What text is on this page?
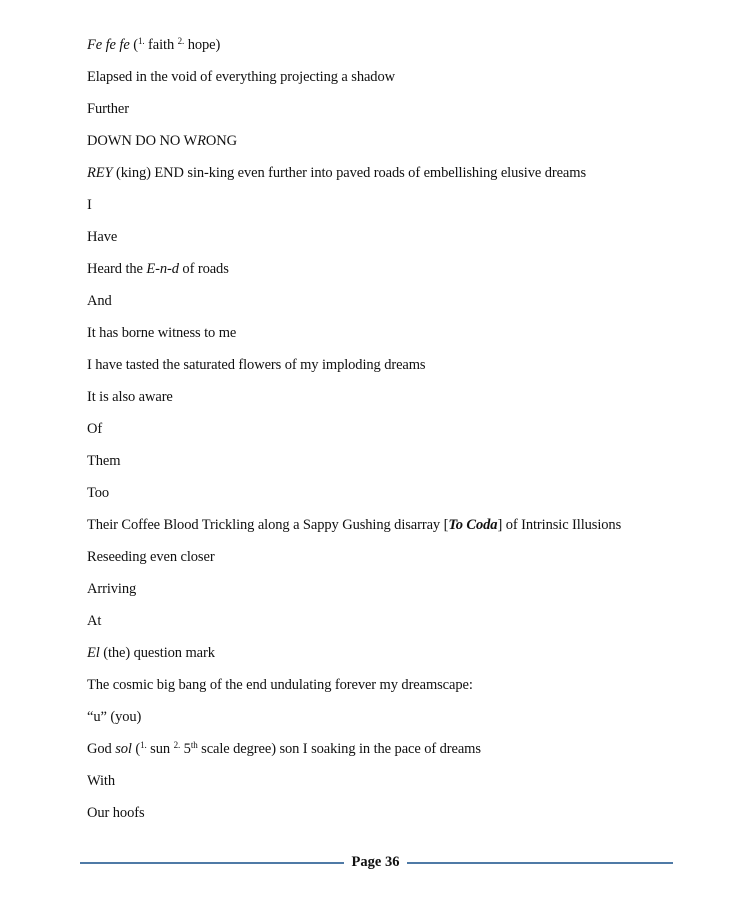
Fe fe fe ($^{1.}$ faith $^{2.}$ hope)
Elapsed in the void of everything projecting a shadow
Further
DOWN DO NO WRONG
REY (king) END sin-king even further into paved roads of embellishing elusive dreams
I
Have
Heard the E-n-d of roads
And
It has borne witness to me
I have tasted the saturated flowers of my imploding dreams
It is also aware
Of
Them
Too
Their Coffee Blood Trickling along a Sappy Gushing disarray [To Coda] of Intrinsic Illusions
Reseeding even closer
Arriving
At
El (the) question mark
The cosmic big bang of the end undulating forever my dreamscape:
“u” (you)
God sol ($^{1.}$ sun $^{2.}$ 5th scale degree) son I soaking in the pace of dreams
With
Our hoofs
Page 36
